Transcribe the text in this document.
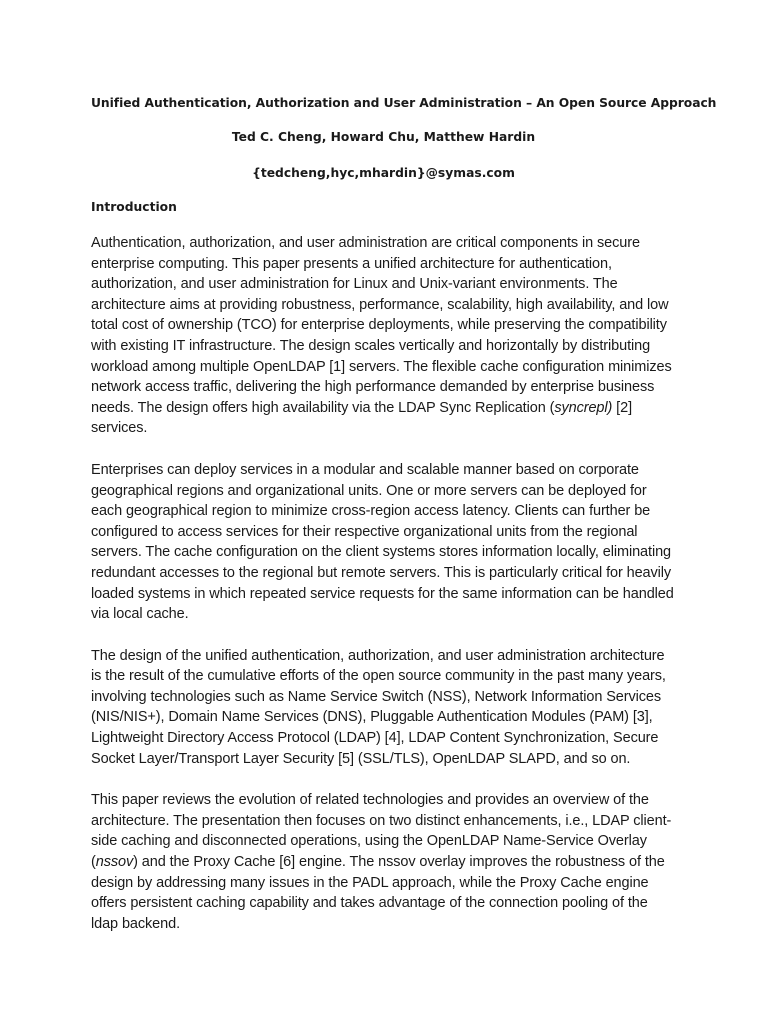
Unified Authentication, Authorization and User Administration – An Open Source Approach
Ted C. Cheng, Howard Chu, Matthew Hardin
{tedcheng,hyc,mhardin}@symas.com
Introduction

Authentication, authorization, and user administration are critical components in secure enterprise computing. This paper presents a unified architecture for authentication, authorization, and user administration for Linux and Unix-variant environments. The architecture aims at providing robustness, performance, scalability, high availability, and low total cost of ownership (TCO) for enterprise deployments, while preserving the compatibility with existing IT infrastructure. The design scales vertically and horizontally by distributing workload among multiple OpenLDAP [1] servers. The flexible cache configuration minimizes network access traffic, delivering the high performance demanded by enterprise business needs. The design offers high availability via the LDAP Sync Replication (syncrepl) [2] services.

Enterprises can deploy services in a modular and scalable manner based on corporate geographical regions and organizational units. One or more servers can be deployed for each geographical region to minimize cross-region access latency. Clients can further be configured to access services for their respective organizational units from the regional servers. The cache configuration on the client systems stores information locally, eliminating redundant accesses to the regional but remote servers. This is particularly critical for heavily loaded systems in which repeated service requests for the same information can be handled via local cache.

The design of the unified authentication, authorization, and user administration architecture is the result of the cumulative efforts of the open source community in the past many years, involving technologies such as Name Service Switch (NSS), Network Information Services (NIS/NIS+), Domain Name Services (DNS), Pluggable Authentication Modules (PAM) [3], Lightweight Directory Access Protocol (LDAP) [4], LDAP Content Synchronization, Secure Socket Layer/Transport Layer Security [5] (SSL/TLS), OpenLDAP SLAPD, and so on.

This paper reviews the evolution of related technologies and provides an overview of the architecture. The presentation then focuses on two distinct enhancements, i.e., LDAP client-side caching and disconnected operations, using the OpenLDAP Name-Service Overlay (nssov) and the Proxy Cache [6] engine. The nssov overlay improves the robustness of the design by addressing many issues in the PADL approach, while the Proxy Cache engine offers persistent caching capability and takes advantage of the connection pooling of the ldap backend.
